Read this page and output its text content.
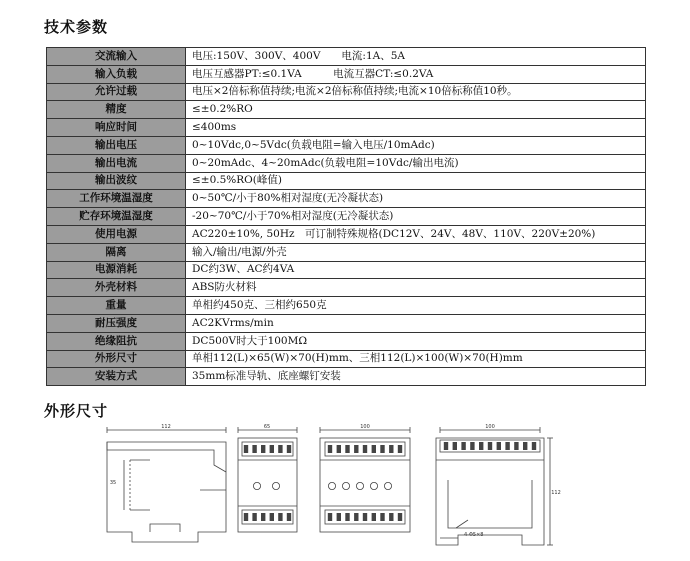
技术参数
交流输入	电压:150V、300V、400V　　电流:1A、5A
输入负载	电压互感器PT:≤0.1VA　　　电流互器CT:≤0.2VA
允许过载	电压×2倍标称值持续;电流×2倍标称值持续;电流×10倍标称值10秒。
精度	≤±0.2%RO
响应时间	≤400ms
输出电压	0~10Vdc,0~5Vdc(负载电阻=输入电压/10mAdc)
输出电流	0~20mAdc、4~20mAdc(负载电阻=10Vdc/输出电流)
输出波纹	≤±0.5%RO(峰值)
工作环境温湿度	0~50℃/小于80%相对湿度(无冷凝状态)
贮存环境温湿度	-20~70℃/小于70%相对湿度(无冷凝状态)
使用电源	AC220±10%, 50Hz　可订制特殊规格(DC12V、24V、48V、110V、220V±20%)
隔离	输入/输出/电源/外壳
电源消耗	DC约3W、AC约4VA
外壳材料	ABS防火材料
重量	单相约450克、三相约650克
耐压强度	AC2KVrms/min
绝缘阻抗	DC500V时大于100MΩ
外形尺寸	单相112(L)×65(W)×70(H)mm、三相112(L)×100(W)×70(H)mm
安装方式	35mm标准导轨、底座螺钉安装
外形尺寸
112
35
65	100	100
112
4-Φ5×8
